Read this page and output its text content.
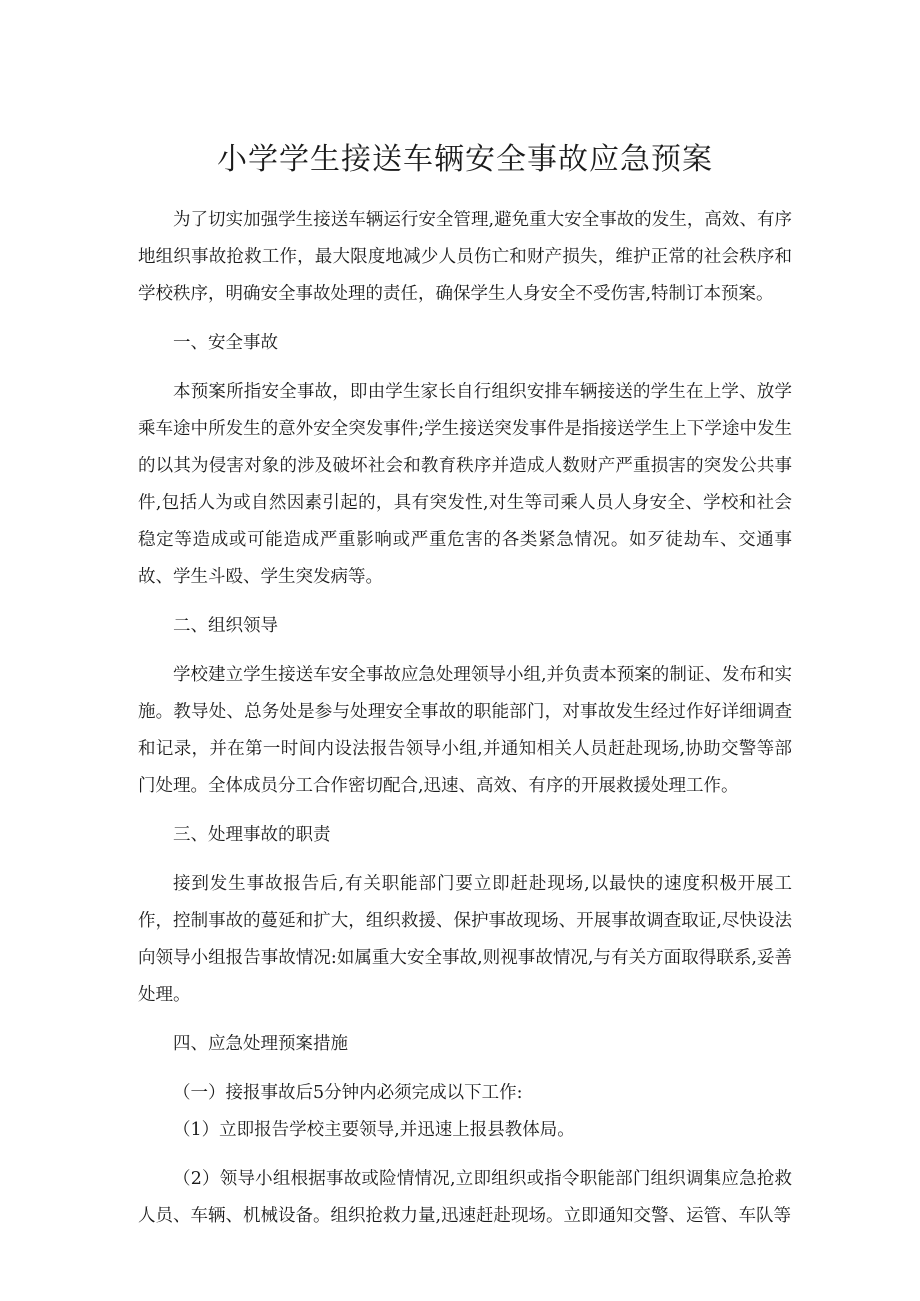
小学学生接送车辆安全事故应急预案

为了切实加强学生接送车辆运行安全管理,避免重大安全事故的发生，高效、有序地组织事故抢救工作，最大限度地减少人员伤亡和财产损失，维护正常的社会秩序和学校秩序，明确安全事故处理的责任，确保学生人身安全不受伤害,特制订本预案。

一、安全事故

本预案所指安全事故，即由学生家长自行组织安排车辆接送的学生在上学、放学乘车途中所发生的意外安全突发事件;学生接送突发事件是指接送学生上下学途中发生的以其为侵害对象的涉及破坏社会和教育秩序并造成人数财产严重损害的突发公共事件,包括人为或自然因素引起的，具有突发性,对生等司乘人员人身安全、学校和社会稳定等造成或可能造成严重影响或严重危害的各类紧急情况。如歹徒劫车、交通事故、学生斗殴、学生突发病等。

二、组织领导

学校建立学生接送车安全事故应急处理领导小组,并负责本预案的制证、发布和实施。教导处、总务处是参与处理安全事故的职能部门，对事故发生经过作好详细调查和记录，并在第一时间内设法报告领导小组,并通知相关人员赶赴现场,协助交警等部门处理。全体成员分工合作密切配合,迅速、高效、有序的开展救援处理工作。

三、处理事故的职责

接到发生事故报告后,有关职能部门要立即赶赴现场,以最快的速度积极开展工作，控制事故的蔓延和扩大，组织救援、保护事故现场、开展事故调查取证,尽快设法向领导小组报告事故情况:如属重大安全事故,则视事故情况,与有关方面取得联系,妥善处理。

四、应急处理预案措施

（一）接报事故后5分钟内必须完成以下工作:

（1）立即报告学校主要领导,并迅速上报县教体局。

（2）领导小组根据事故或险情情况,立即组织或指令职能部门组织调集应急抢救人员、车辆、机械设备。组织抢救力量,迅速赶赴现场。立即通知交警、运管、车队等
